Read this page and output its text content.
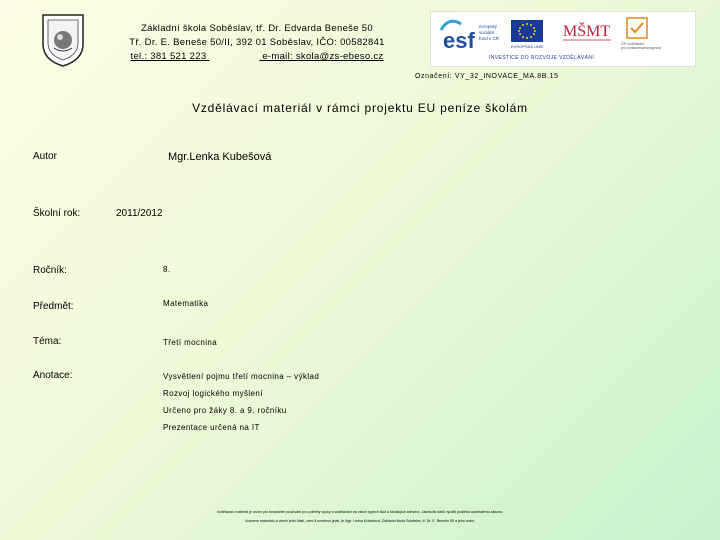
Základní škola Soběslav, tř. Dr. Edvarda Beneše 50
Tř. Dr. E. Beneše 50/II, 392 01 Soběslav, IČO: 00582841
tel.: 381 521 223	e-mail: skola@zs-ebeso.cz
esf
evropský
sociální
fond v ČR
EVROPSKÁ UNIE
MŠMT
OP Vzdělávání
pro konkurenceschopnost
INVESTICE DO ROZVOJE VZDĚLÁVÁNÍ
Označení: VY_32_INOVACE_MA.8B.15
Vzdělávací materiál v rámci projektu EU peníze školám
Autor	Mgr.Lenka Kubešová
Školní rok:	2011/2012
Ročník:	8.
Předmět:	Matematika
Téma:	Třetí mocnina
Anotace:	Vysvětlení pojmu třetí mocnina – výklad
Rozvoj logického myšlení
Určeno pro žáky 8. a 9. ročníku
Prezentace určená na IT
Vzdělávací materiál je určen pro bezplatné používání pro potřeby výuky a vzdělávání na všech typech škol a školských zařízení. Jakékoliv další využití podléhá autorskému zákonu.
Autorem materiálu a všech jeho částí, není-li uvedeno jinak, je Mgr. Lenka Kubešová. Základní škola Soběslav, tř. Dr. E. Beneše 50 a jeho autor.
